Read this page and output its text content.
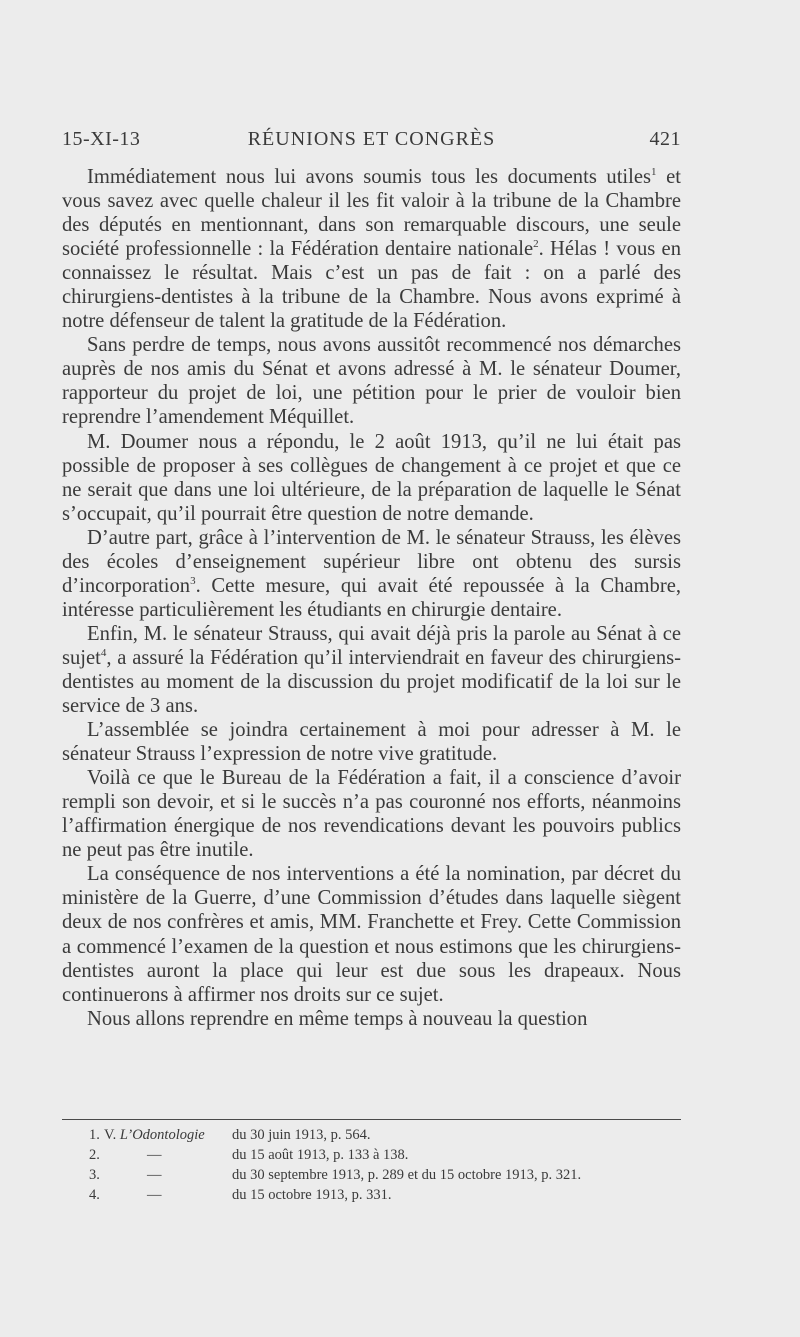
15-XI-13	RÉUNIONS ET CONGRÈS	421

Immédiatement nous lui avons soumis tous les documents utiles$^1$ et vous savez avec quelle chaleur il les fit valoir à la tribune de la Chambre des députés en mentionnant, dans son remarquable discours, une seule société professionnelle : la Fédération dentaire nationale$^2$. Hélas ! vous en connaissez le résultat. Mais c’est un pas de fait : on a parlé des chirurgiens-dentistes à la tribune de la Chambre. Nous avons exprimé à notre défenseur de talent la gratitude de la Fédération.

Sans perdre de temps, nous avons aussitôt recommencé nos démarches auprès de nos amis du Sénat et avons adressé à M. le sénateur Doumer, rapporteur du projet de loi, une pétition pour le prier de vouloir bien reprendre l’amendement Méquillet.

M. Doumer nous a répondu, le 2 août 1913, qu’il ne lui était pas possible de proposer à ses collègues de changement à ce projet et que ce ne serait que dans une loi ultérieure, de la préparation de laquelle le Sénat s’occupait, qu’il pourrait être question de notre demande.

D’autre part, grâce à l’intervention de M. le sénateur Strauss, les élèves des écoles d’enseignement supérieur libre ont obtenu des sursis d’incorporation$^3$. Cette mesure, qui avait été repoussée à la Chambre, intéresse particulièrement les étudiants en chirurgie dentaire.

Enfin, M. le sénateur Strauss, qui avait déjà pris la parole au Sénat à ce sujet$^4$, a assuré la Fédération qu’il interviendrait en faveur des chirurgiens-dentistes au moment de la discussion du projet modificatif de la loi sur le service de 3 ans.

L’assemblée se joindra certainement à moi pour adresser à M. le sénateur Strauss l’expression de notre vive gratitude.

Voilà ce que le Bureau de la Fédération a fait, il a conscience d’avoir rempli son devoir, et si le succès n’a pas couronné nos efforts, néanmoins l’affirmation énergique de nos revendications devant les pouvoirs publics ne peut pas être inutile.

La conséquence de nos interventions a été la nomination, par décret du ministère de la Guerre, d’une Commission d’études dans laquelle siègent deux de nos confrères et amis, MM. Franchette et Frey. Cette Commission a commencé l’examen de la question et nous estimons que les chirurgiens-dentistes auront la place qui leur est due sous les drapeaux. Nous continuerons à affirmer nos droits sur ce sujet.

Nous allons reprendre en même temps à nouveau la question

1. V. L’Odontologie du 30 juin 1913, p. 564.
2.	—	du 15 août 1913, p. 133 à 138.
3.	—	du 30 septembre 1913, p. 289 et du 15 octobre 1913, p. 321.
4.	—	du 15 octobre 1913, p. 331.
